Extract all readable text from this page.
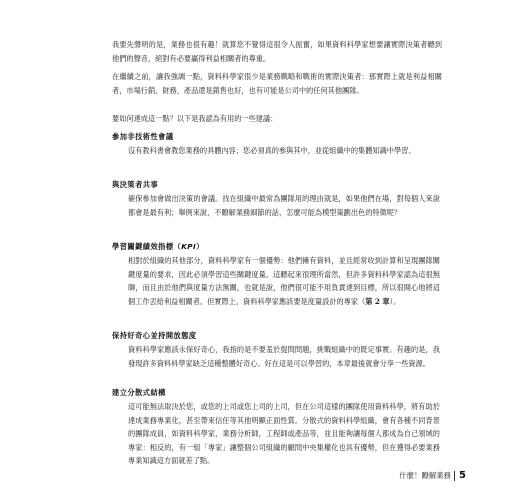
我要先聲明的是，業務也很有趣！就算您不覺得這很令人振奮，如果資料科學家想要讓實際決策者聽到他們的聲音，絕對有必要贏得利益相關者的尊重。

在繼續之前，讓我強調一點，資料科學家很少是業務戰略和戰術的實際決策者：那實際上就是利益相關者，市場行銷，財務，產品還是銷售也好，也有可能是公司中的任何其他團隊。

要如何達成這一點？以下是我認為有用的一些建議：

參加非技術性會議

沒有教科書會教您業務的具體內容；您必須真的參與其中，並從組織中的集體知識中學習。

與決策者共事

確保參加會做出決策的會議。找在組織中最常為團隊用的理由就是，如果他們在場，對每個人來說都會是最有利；舉例來說，不瞭解業務細節的話，怎麼可能為模型策劃出色的特徵呢？

學習關鍵績效指標（KPI）

相對於組織的其他部分，資料科學家有一個優勢：他們擁有資料，並且經常收到計算和呈現團隊關鍵度量的要求，因此必須學習這些關鍵度量。這聽起來很理所當然，但許多資料科學家認為這很無聊，而且由於他們與度量方法無關，也就是說，他們很可能不用負責達到目標，所以很開心地將這個工作丟給利益相關者。但實際上，資料科學家應該要是度量設計的專家（第 2 章）。

保持好奇心並持開放態度

資料科學家應該永保好奇心，我指的是不要羞於提問問題，挑戰組織中的既定事實。有趣的是，我發現許多資料科學家缺乏這種整體好奇心。好在這是可以學習的，本章最後就會分享一些資源。

建立分散式結構

這可能無法取決於您，或您的上司或您上司的上司，但在公司這樣的團隊使用資料科學，將有助於達成業務專業化，甚至帶來信任等其他明顯正面性質。分散式的資料科學組織，會有各種不同背景的團隊成員，如資料科學家，業務分析師，工程師或產品等，並且能夠讓每個人都成為自己領域的專家：相反的，有一組「專家」讓整個公司組織的顧問中央集權化也具有優勢，但在獲得必要業務專業知識這方面就差了點。

什麼！瞭解業務 5
